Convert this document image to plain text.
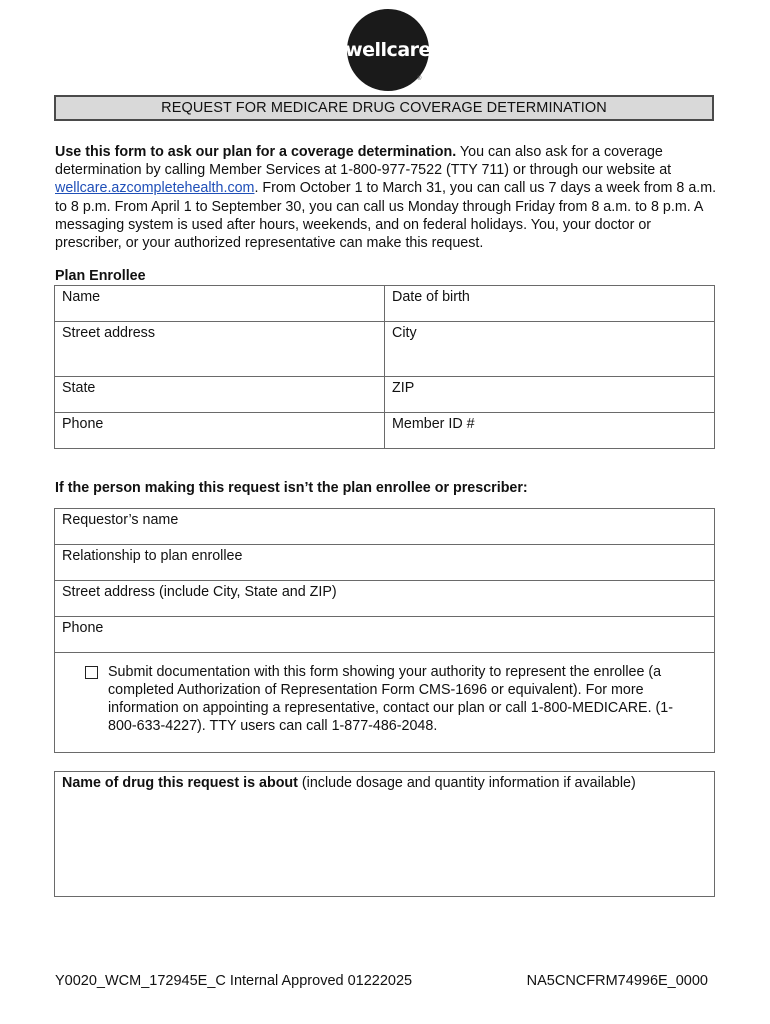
wellcare
®
REQUEST FOR MEDICARE DRUG COVERAGE DETERMINATION
Use this form to ask our plan for a coverage determination. You can also ask for a coverage determination by calling Member Services at 1-800-977-7522 (TTY 711) or through our website at wellcare.azcompletehealth.com. From October 1 to March 31, you can call us 7 days a week from 8 a.m. to 8 p.m. From April 1 to September 30, you can call us Monday through Friday from 8 a.m. to 8 p.m. A messaging system is used after hours, weekends, and on federal holidays. You, your doctor or prescriber, or your authorized representative can make this request.
Plan Enrollee
Name	Date of birth
Street address	City
State	ZIP
Phone	Member ID #
If the person making this request isn’t the plan enrollee or prescriber:
Requestor’s name
Relationship to plan enrollee
Street address (include City, State and ZIP)
Phone

Submit documentation with this form showing your authority to represent the enrollee (a completed Authorization of Representation Form CMS-1696 or equivalent). For more information on appointing a representative, contact our plan or call 1-800-MEDICARE. (1-800-633-4227). TTY users can call 1-877-486-2048.
Name of drug this request is about (include dosage and quantity information if available)
Y0020_WCM_172945E_C Internal Approved 01222025	NA5CNCFRM74996E_0000
